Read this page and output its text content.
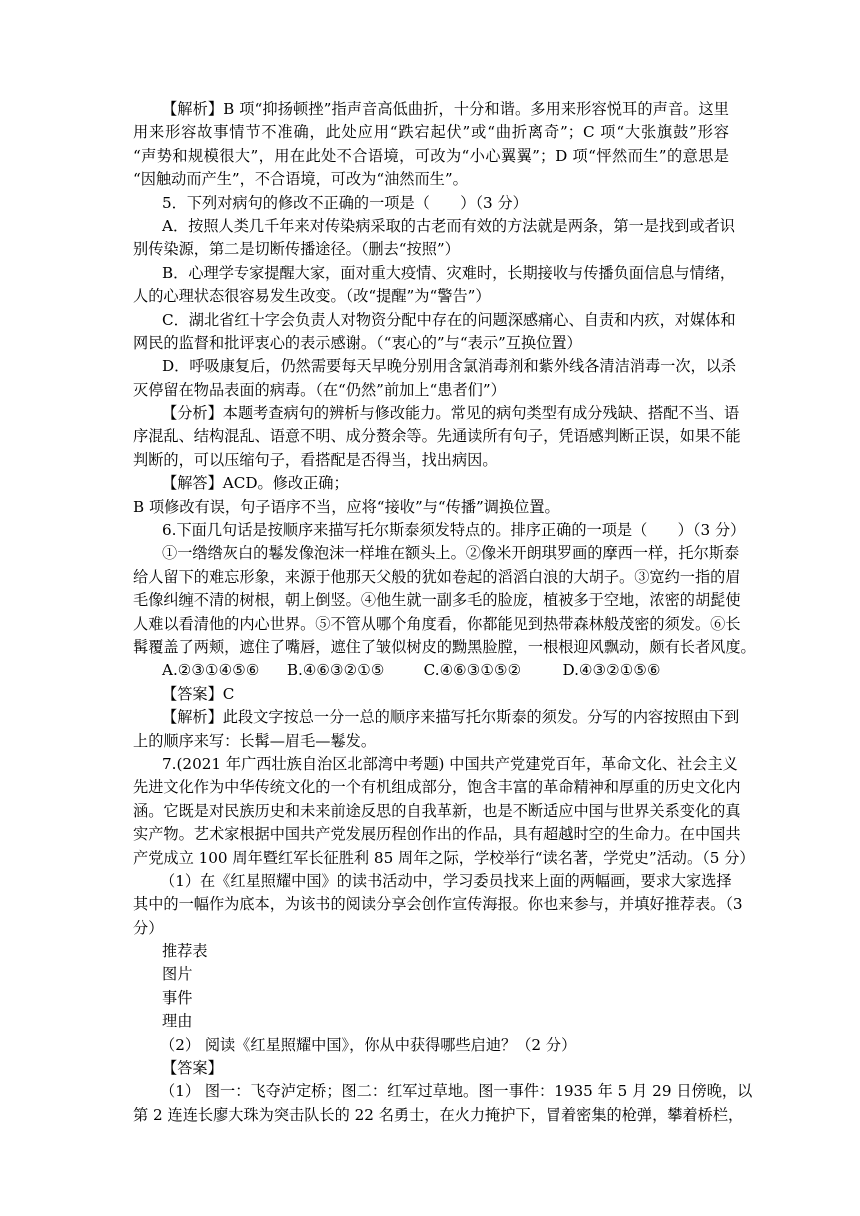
【解析】B 项“抑扬顿挫”指声音高低曲折，十分和谐。多用来形容悦耳的声音。这里
用来形容故事情节不准确，此处应用“跌宕起伏”或“曲折离奇”；C 项“大张旗鼓”形容
“声势和规模很大”，用在此处不合语境，可改为“小心翼翼”；D 项“怦然而生”的意思是
“因触动而产生”，不合语境，可改为“油然而生”。
5．下列对病句的修改不正确的一项是（　　）（3 分）
A．按照人类几千年来对传染病采取的古老而有效的方法就是两条，第一是找到或者识
别传染源，第二是切断传播途径。（删去“按照”）
B．心理学专家提醒大家，面对重大疫情、灾难时，长期接收与传播负面信息与情绪，
人的心理状态很容易发生改变。（改“提醒”为“警告”）
C．湖北省红十字会负责人对物资分配中存在的问题深感痛心、自责和内疚，对媒体和
网民的监督和批评衷心的表示感谢。（“衷心的”与“表示”互换位置）
D．呼吸康复后，仍然需要每天早晚分别用含氯消毒剂和紫外线各清洁消毒一次，以杀
灭停留在物品表面的病毒。（在“仍然”前加上“患者们”）
【分析】本题考查病句的辨析与修改能力。常见的病句类型有成分残缺、搭配不当、语
序混乱、结构混乱、语意不明、成分赘余等。先通读所有句子，凭语感判断正误，如果不能
判断的，可以压缩句子，看搭配是否得当，找出病因。
【解答】ACD。修改正确；
B 项修改有误，句子语序不当，应将“接收”与“传播”调换位置。
6.下面几句话是按顺序来描写托尔斯泰须发特点的。排序正确的一项是（　　）（3 分）
①一绺绺灰白的鬈发像泡沫一样堆在额头上。②像米开朗琪罗画的摩西一样，托尔斯泰
给人留下的难忘形象，来源于他那天父般的犹如卷起的滔滔白浪的大胡子。③宽约一指的眉
毛像纠缠不清的树根，朝上倒竖。④他生就一副多毛的脸庞，植被多于空地，浓密的胡髭使
人难以看清他的内心世界。⑤不管从哪个角度看，你都能见到热带森林般茂密的须发。⑥长
髯覆盖了两颊，遮住了嘴唇，遮住了皱似树皮的黝黑脸膛，一根根迎风飘动，颇有长者风度。
A.②③①④⑤⑥ B.④⑥③②①⑤	C.④⑥③①⑤②	D.④③②①⑤⑥
【答案】C
【解析】此段文字按总一分一总的顺序来描写托尔斯泰的须发。分写的内容按照由下到
上的顺序来写：长髯—眉毛—鬈发。
7.(2021 年广西壮族自治区北部湾中考题) 中国共产党建党百年，革命文化、社会主义
先进文化作为中华传统文化的一个有机组成部分，饱含丰富的革命精神和厚重的历史文化内
涵。它既是对民族历史和未来前途反思的自我革新，也是不断适应中国与世界关系变化的真
实产物。艺术家根据中国共产党发展历程创作出的作品，具有超越时空的生命力。在中国共
产党成立 100 周年暨红军长征胜利 85 周年之际，学校举行“读名著，学党史”活动。（5 分）
（1）在《红星照耀中国》的读书活动中，学习委员找来上面的两幅画，要求大家选择
其中的一幅作为底本，为该书的阅读分享会创作宣传海报。你也来参与，并填好推荐表。（3
分）
推荐表
图片
事件
理由
（2） 阅读《红星照耀中国》，你从中获得哪些启迪？（2 分）
【答案】
（1） 图一：飞夺泸定桥；图二：红军过草地。图一事件：1935 年 5 月 29 日傍晚，以
第 2 连连长廖大珠为突击队长的 22 名勇士，在火力掩护下，冒着密集的枪弹，攀着桥栏，
